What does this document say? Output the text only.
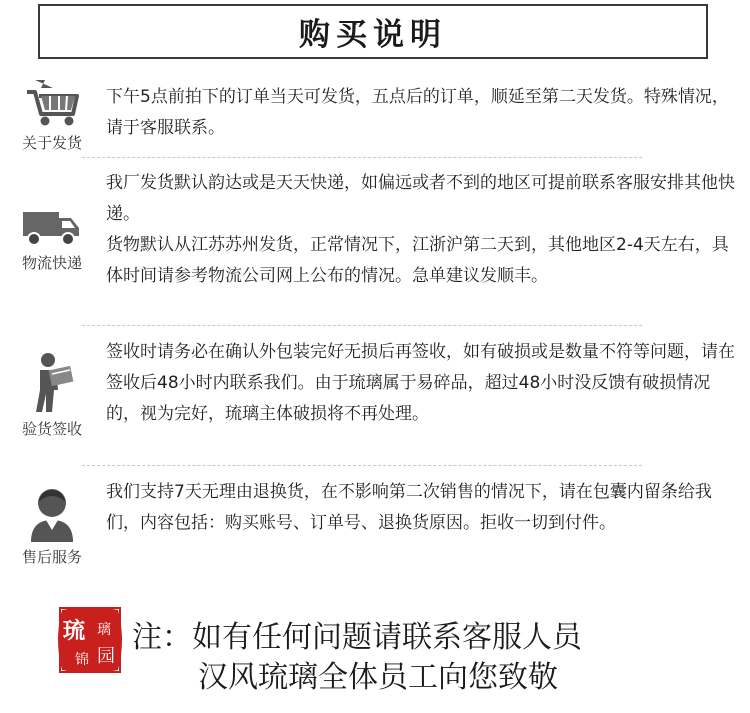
购买说明
关于发货

下午5点前拍下的订单当天可发货，五点后的订单，顺延至第二天发货。特殊情况，请于客服联系。

物流快递

我厂发货默认韵达或是天天快递，如偏远或者不到的地区可提前联系客服安排其他快递。

货物默认从江苏苏州发货，正常情况下，江浙沪第二天到，其他地区2-4天左右，具体时间请参考物流公司网上公布的情况。急单建议发顺丰。

验货签收

签收时请务必在确认外包装完好无损后再签收，如有破损或是数量不符等问题，请在签收后48小时内联系我们。由于琉璃属于易碎品，超过48小时没反馈有破损情况的，视为完好，琉璃主体破损将不再处理。

售后服务

我们支持7天无理由退换货，在不影响第二次销售的情况下，请在包囊内留条给我们，内容包括：购买账号、订单号、退换货原因。拒收一切到付件。

琉 璃
锦 园
注：如有任何问题请联系客服人员
汉风琉璃全体员工向您致敬
